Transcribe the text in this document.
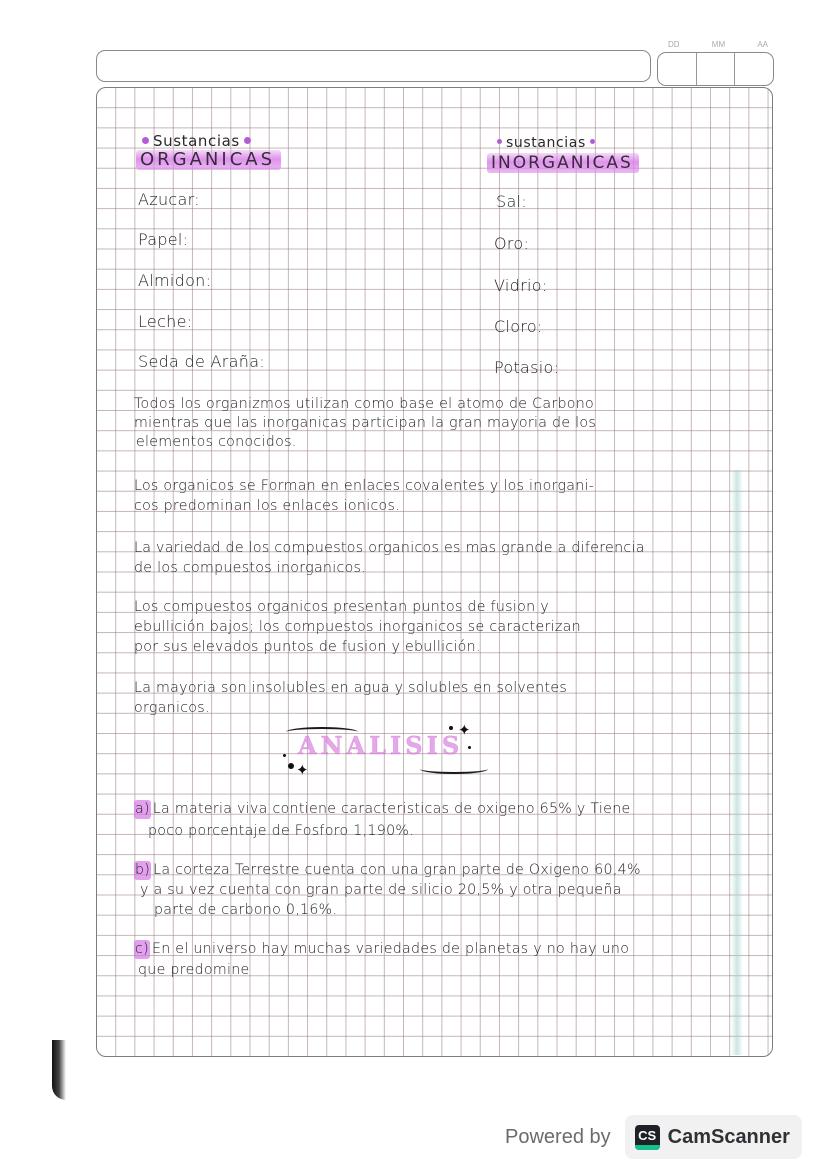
DD	MM	AA
Sustancias
ORGANICAS
Azucar:
Papel:
Almidon:
Leche:
Seda de Araña:
sustancias
INORGANICAS
Sal:
Oro:
Vidrio:
Cloro:
Potasio:
Todos los organizmos utilizan como base el atomo de Carbono
mientras que las inorganicas participan la gran mayoria de los
elementos conocidos.
Los organicos se Forman en enlaces covalentes y los inorgani-
cos predominan los enlaces ionicos.
La variedad de los compuestos organicos es mas grande a diferencia
de los compuestos inorganicos.
Los compuestos organicos presentan puntos de fusion y
ebullición bajos; los compuestos inorganicos se caracterizan
por sus elevados puntos de fusion y ebullición.
La mayoria son insolubles en agua y solubles en solventes
organicos.
ANALISIS
✦
✦
a) La materia viva contiene caracteristicas de oxigeno 65% y Tiene
poco porcentaje de Fosforo 1,190%.
b) La corteza Terrestre cuenta con una gran parte de Oxigeno 60,4%
y a su vez cuenta con gran parte de silicio 20,5% y otra pequeña
parte de carbono 0,16%.
c) En el universo hay muchas variedades de planetas y no hay uno
que predomine
Powered by CS CamScanner
